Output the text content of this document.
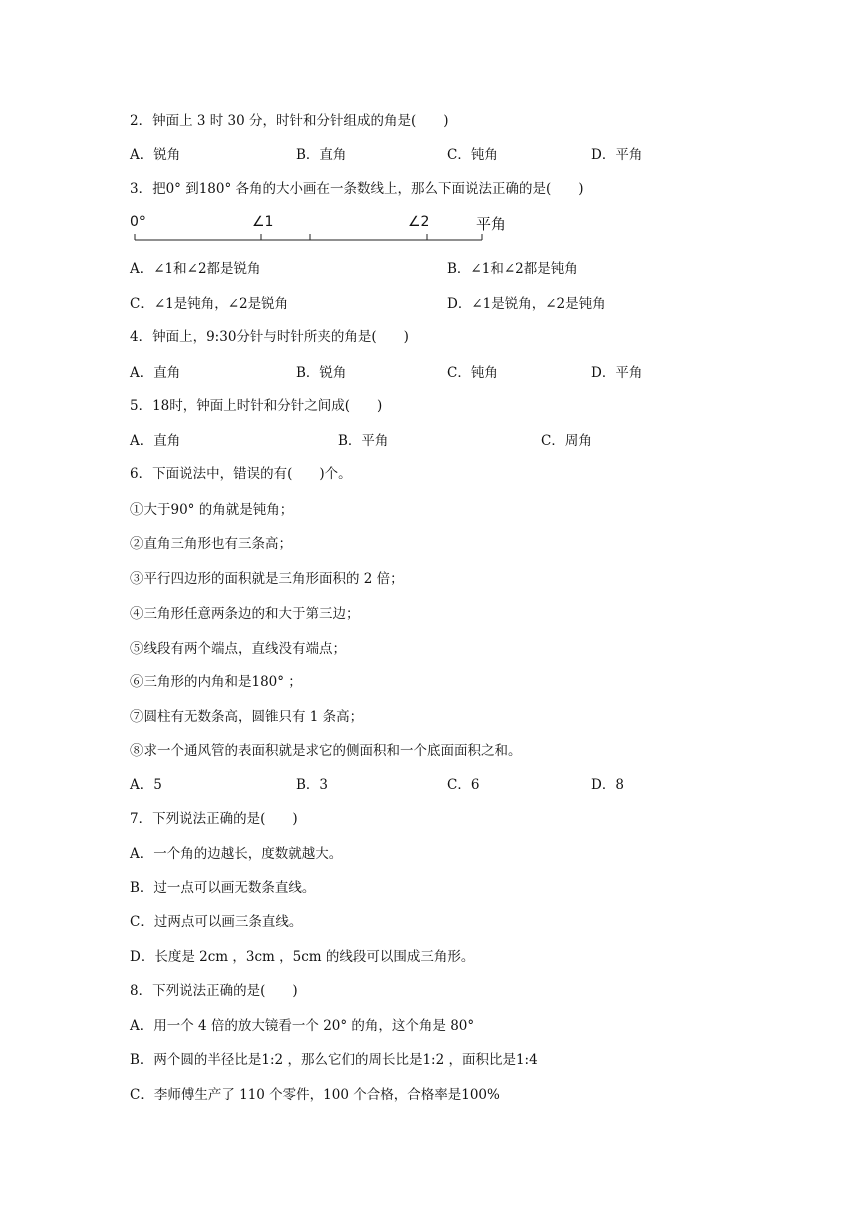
2．钟面上 3 时 30 分，时针和分针组成的角是(　　)
A．锐角	B．直角	C．钝角	D．平角
3．把0° 到180° 各角的大小画在一条数线上，那么下面说法正确的是(　　)
0°	∠1	∠2	平角
A．∠1和∠2都是锐角	B．∠1和∠2都是钝角
C．∠1是钝角，∠2是锐角	D．∠1是锐角，∠2是钝角
4．钟面上，9:30分针与时针所夹的角是(　　)
A．直角	B．锐角	C．钝角	D．平角
5．18时，钟面上时针和分针之间成(　　)
A．直角	B．平角	C．周角
6．下面说法中，错误的有(　　)个。
①大于90° 的角就是钝角；
②直角三角形也有三条高；
③平行四边形的面积就是三角形面积的 2 倍；
④三角形任意两条边的和大于第三边；
⑤线段有两个端点，直线没有端点；
⑥三角形的内角和是180° ；
⑦圆柱有无数条高，圆锥只有 1 条高；
⑧求一个通风管的表面积就是求它的侧面积和一个底面面积之和。
A．5	B．3	C．6	D．8
7．下列说法正确的是(　　)
A．一个角的边越长，度数就越大。
B．过一点可以画无数条直线。
C．过两点可以画三条直线。
D．长度是 2cm ，3cm ，5cm 的线段可以围成三角形。
8．下列说法正确的是(　　)
A．用一个 4 倍的放大镜看一个 20° 的角，这个角是 80°
B．两个圆的半径比是1:2 ，那么它们的周长比是1:2 ，面积比是1:4
C．李师傅生产了 110 个零件，100 个合格，合格率是100%
